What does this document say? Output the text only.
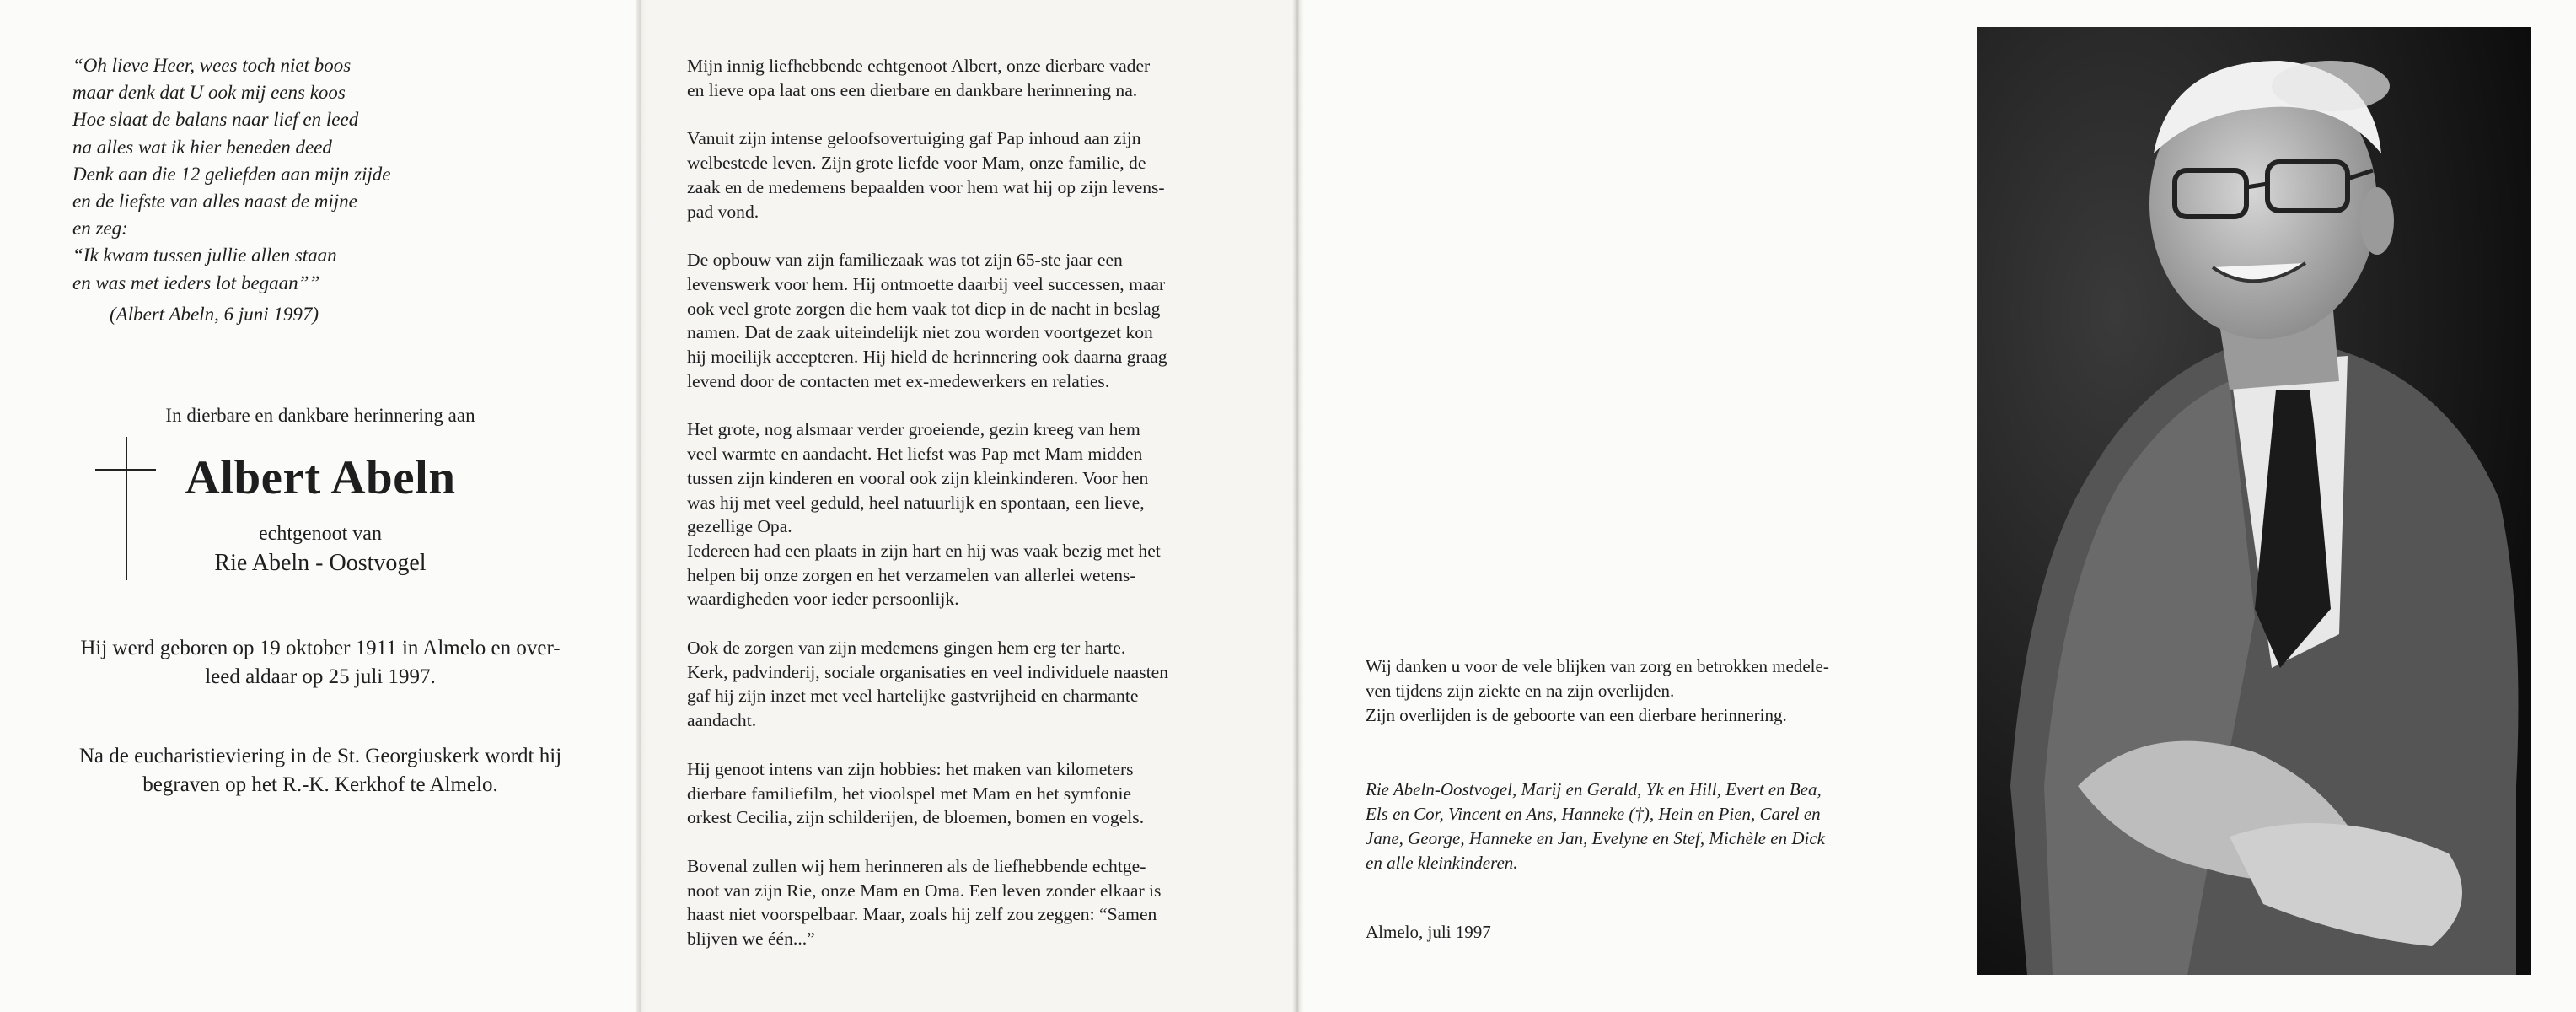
“Oh lieve Heer, wees toch niet boos
maar denk dat U ook mij eens koos
Hoe slaat de balans naar lief en leed
na alles wat ik hier beneden deed
Denk aan die 12 geliefden aan mijn zijde
en de liefste van alles naast de mijne
en zeg:
“Ik kwam tussen jullie allen staan
en was met ieders lot begaan””
(Albert Abeln, 6 juni 1997)
In dierbare en dankbare herinnering aan
Albert Abeln
echtgenoot van
Rie Abeln - Oostvogel
Hij werd geboren op 19 oktober 1911 in Almelo en over-
leed aldaar op 25 juli 1997.
Na de eucharistieviering in de St. Georgiuskerk wordt hij
begraven op het R.-K. Kerkhof te Almelo.

Mijn innig liefhebbende echtgenoot Albert, onze dierbare vader
en lieve opa laat ons een dierbare en dankbare herinnering na.

Vanuit zijn intense geloofsovertuiging gaf Pap inhoud aan zijn
welbestede leven. Zijn grote liefde voor Mam, onze familie, de
zaak en de medemens bepaalden voor hem wat hij op zijn levens-
pad vond.

De opbouw van zijn familiezaak was tot zijn 65-ste jaar een
levenswerk voor hem. Hij ontmoette daarbij veel successen, maar
ook veel grote zorgen die hem vaak tot diep in de nacht in beslag
namen. Dat de zaak uiteindelijk niet zou worden voortgezet kon
hij moeilijk accepteren. Hij hield de herinnering ook daarna graag
levend door de contacten met ex-medewerkers en relaties.

Het grote, nog alsmaar verder groeiende, gezin kreeg van hem
veel warmte en aandacht. Het liefst was Pap met Mam midden
tussen zijn kinderen en vooral ook zijn kleinkinderen. Voor hen
was hij met veel geduld, heel natuurlijk en spontaan, een lieve,
gezellige Opa.

Iedereen had een plaats in zijn hart en hij was vaak bezig met het
helpen bij onze zorgen en het verzamelen van allerlei wetens-
waardigheden voor ieder persoonlijk.

Ook de zorgen van zijn medemens gingen hem erg ter harte.
Kerk, padvinderij, sociale organisaties en veel individuele naasten
gaf hij zijn inzet met veel hartelijke gastvrijheid en charmante
aandacht.

Hij genoot intens van zijn hobbies: het maken van kilometers
dierbare familiefilm, het vioolspel met Mam en het symfonie
orkest Cecilia, zijn schilderijen, de bloemen, bomen en vogels.

Bovenal zullen wij hem herinneren als de liefhebbende echtge-
noot van zijn Rie, onze Mam en Oma. Een leven zonder elkaar is
haast niet voorspelbaar. Maar, zoals hij zelf zou zeggen: “Samen
blijven we één...”

Wij danken u voor de vele blijken van zorg en betrokken medele-
ven tijdens zijn ziekte en na zijn overlijden.
Zijn overlijden is de geboorte van een dierbare herinnering.
Rie Abeln-Oostvogel, Marij en Gerald, Yk en Hill, Evert en Bea,
Els en Cor, Vincent en Ans, Hanneke (†), Hein en Pien, Carel en
Jane, George, Hanneke en Jan, Evelyne en Stef, Michèle en Dick
en alle kleinkinderen.
Almelo, juli 1997
